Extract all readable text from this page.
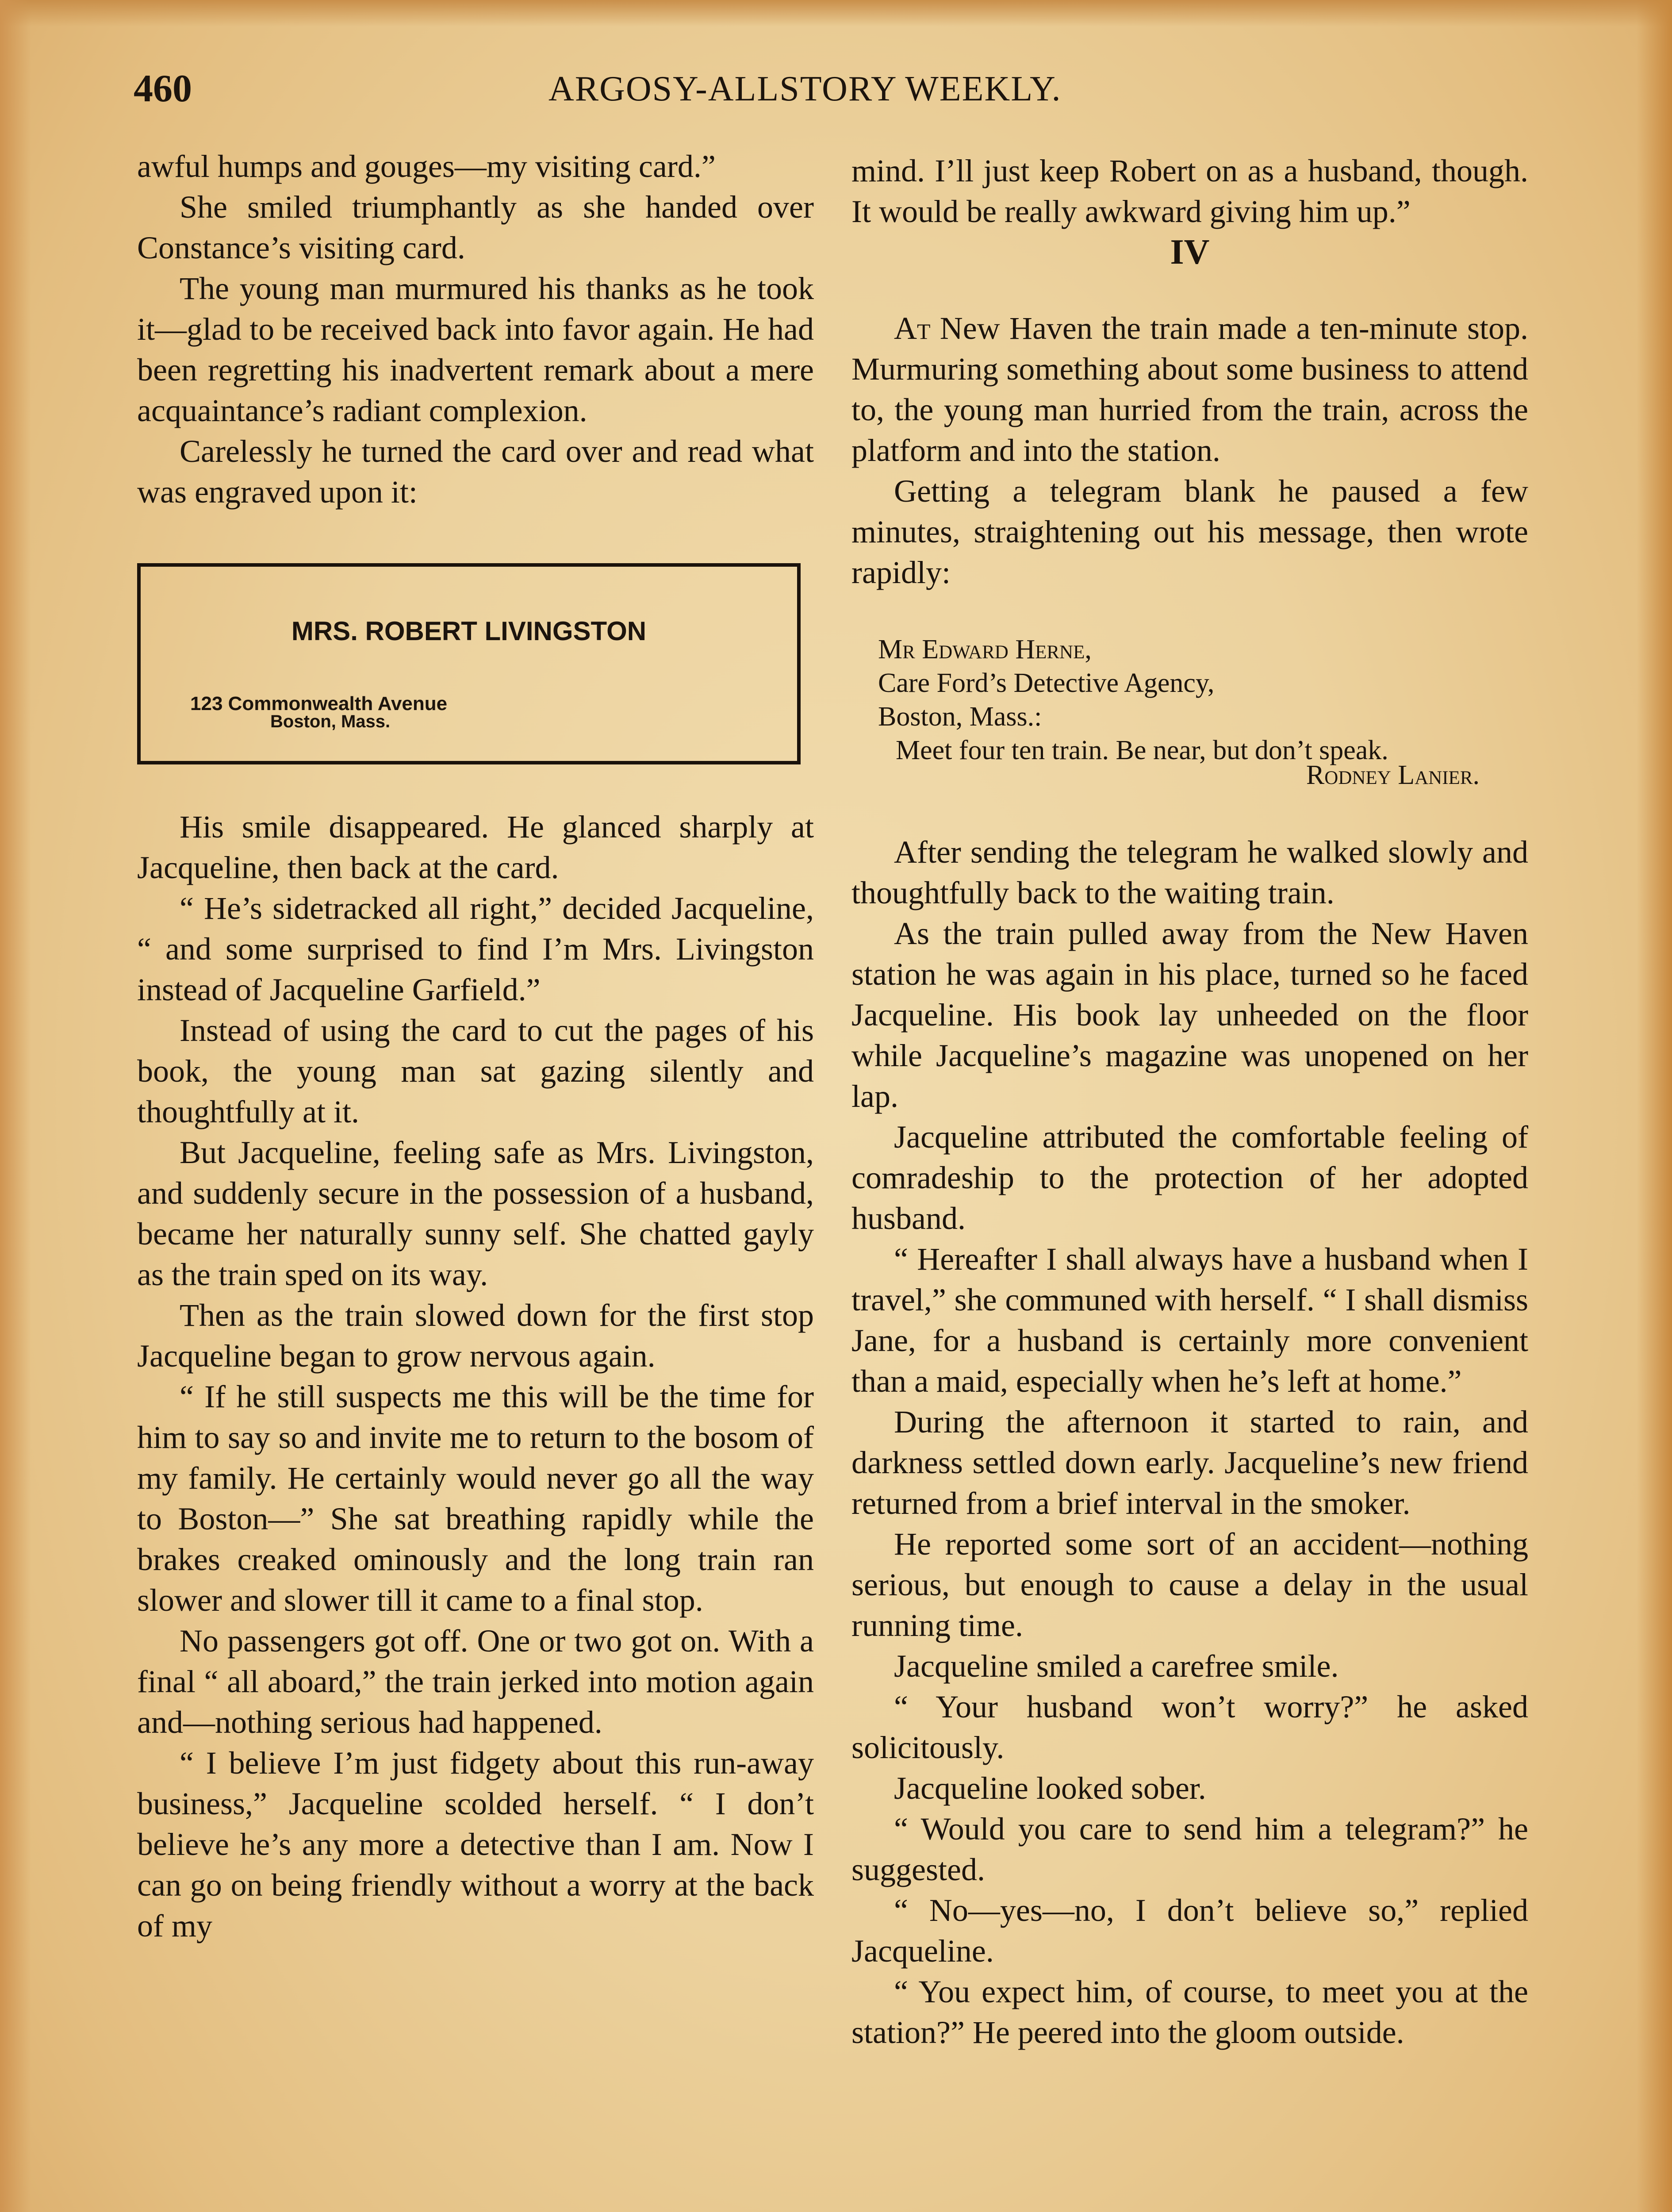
460	ARGOSY-ALLSTORY WEEKLY.

awful humps and gouges—my visiting card.”

She smiled triumphantly as she handed over Constance’s visiting card.

The young man murmured his thanks as he took it—glad to be received back into favor again. He had been regretting his inadvertent remark about a mere acquaintance’s radiant complexion.

Carelessly he turned the card over and read what was engraved upon it:

MRS. ROBERT LIVINGSTON
123 Commonwealth Avenue
Boston, Mass.

His smile disappeared. He glanced sharply at Jacqueline, then back at the card.

“ He’s sidetracked all right,” decided Jacqueline, “ and some surprised to find I’m Mrs. Livingston instead of Jacqueline Garfield.”

Instead of using the card to cut the pages of his book, the young man sat gazing silently and thoughtfully at it.

But Jacqueline, feeling safe as Mrs. Livingston, and suddenly secure in the possession of a husband, became her naturally sunny self. She chatted gayly as the train sped on its way.

Then as the train slowed down for the first stop Jacqueline began to grow nervous again.

“ If he still suspects me this will be the time for him to say so and invite me to return to the bosom of my family. He certainly would never go all the way to Boston—” She sat breathing rapidly while the brakes creaked ominously and the long train ran slower and slower till it came to a final stop.

No passengers got off. One or two got on. With a final “ all aboard,” the train jerked into motion again and—nothing serious had happened.

“ I believe I’m just fidgety about this run-away business,” Jacqueline scolded herself. “ I don’t believe he’s any more a detective than I am. Now I can go on being friendly without a worry at the back of my

mind. I’ll just keep Robert on as a husband, though. It would be really awkward giving him up.”

IV

At New Haven the train made a ten-minute stop. Murmuring something about some business to attend to, the young man hurried from the train, across the platform and into the station.

Getting a telegram blank he paused a few minutes, straightening out his message, then wrote rapidly:

Mr Edward Herne,
Care Ford’s Detective Agency,
Boston, Mass.:
Meet four ten train. Be near, but don’t speak.
Rodney Lanier.

After sending the telegram he walked slowly and thoughtfully back to the waiting train.

As the train pulled away from the New Haven station he was again in his place, turned so he faced Jacqueline. His book lay unheeded on the floor while Jacqueline’s magazine was unopened on her lap.

Jacqueline attributed the comfortable feeling of comradeship to the protection of her adopted husband.

“ Hereafter I shall always have a husband when I travel,” she communed with herself. “ I shall dismiss Jane, for a husband is certainly more convenient than a maid, especially when he’s left at home.”

During the afternoon it started to rain, and darkness settled down early. Jacqueline’s new friend returned from a brief interval in the smoker.

He reported some sort of an accident—nothing serious, but enough to cause a delay in the usual running time.

Jacqueline smiled a carefree smile.

“ Your husband won’t worry?” he asked solicitously.

Jacqueline looked sober.

“ Would you care to send him a telegram?” he suggested.

“ No—yes—no, I don’t believe so,” replied Jacqueline.

“ You expect him, of course, to meet you at the station?” He peered into the gloom outside.
